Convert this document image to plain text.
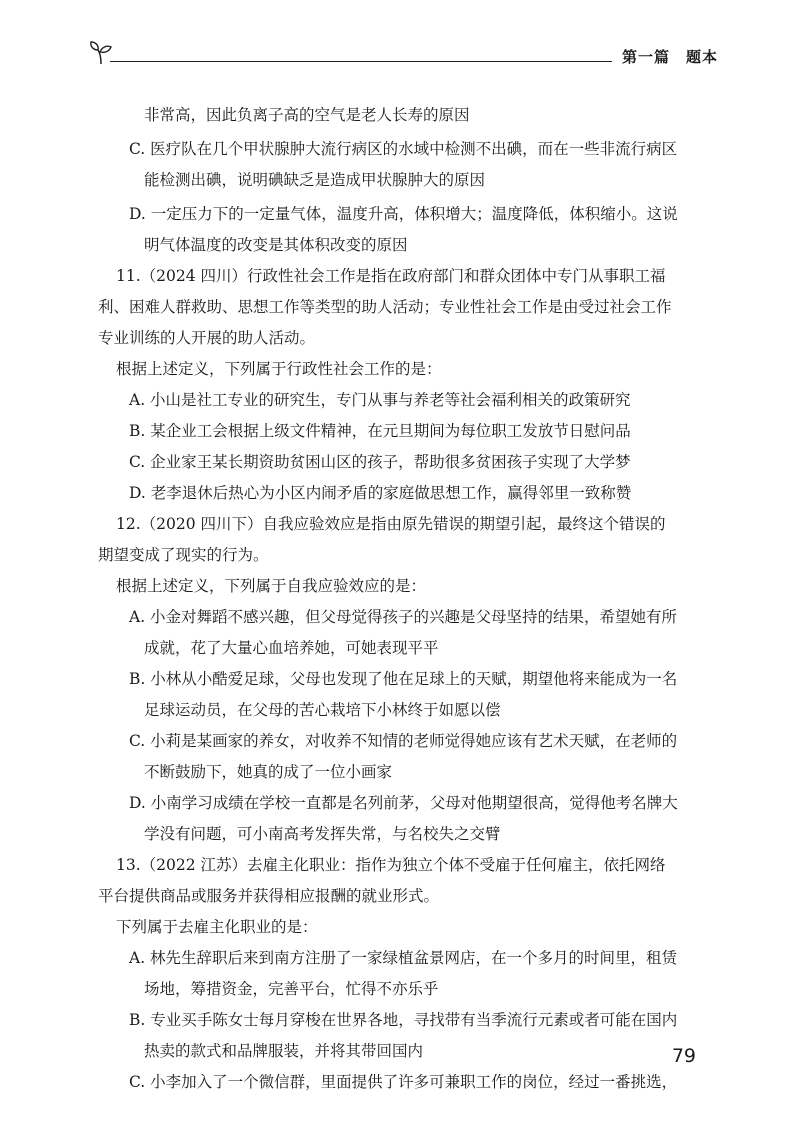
第一篇　题本
非常高，因此负离子高的空气是老人长寿的原因
C. 医疗队在几个甲状腺肿大流行病区的水域中检测不出碘，而在一些非流行病区
能检测出碘，说明碘缺乏是造成甲状腺肿大的原因
D. 一定压力下的一定量气体，温度升高，体积增大；温度降低，体积缩小。这说
明气体温度的改变是其体积改变的原因
11.（2024 四川）行政性社会工作是指在政府部门和群众团体中专门从事职工福
利、困难人群救助、思想工作等类型的助人活动；专业性社会工作是由受过社会工作
专业训练的人开展的助人活动。
根据上述定义，下列属于行政性社会工作的是：
A. 小山是社工专业的研究生，专门从事与养老等社会福利相关的政策研究
B. 某企业工会根据上级文件精神，在元旦期间为每位职工发放节日慰问品
C. 企业家王某长期资助贫困山区的孩子，帮助很多贫困孩子实现了大学梦
D. 老李退休后热心为小区内闹矛盾的家庭做思想工作，赢得邻里一致称赞
12.（2020 四川下）自我应验效应是指由原先错误的期望引起，最终这个错误的
期望变成了现实的行为。
根据上述定义，下列属于自我应验效应的是：
A. 小金对舞蹈不感兴趣，但父母觉得孩子的兴趣是父母坚持的结果，希望她有所
成就，花了大量心血培养她，可她表现平平
B. 小林从小酷爱足球，父母也发现了他在足球上的天赋，期望他将来能成为一名
足球运动员，在父母的苦心栽培下小林终于如愿以偿
C. 小莉是某画家的养女，对收养不知情的老师觉得她应该有艺术天赋，在老师的
不断鼓励下，她真的成了一位小画家
D. 小南学习成绩在学校一直都是名列前茅，父母对他期望很高，觉得他考名牌大
学没有问题，可小南高考发挥失常，与名校失之交臂
13.（2022 江苏）去雇主化职业：指作为独立个体不受雇于任何雇主，依托网络
平台提供商品或服务并获得相应报酬的就业形式。
下列属于去雇主化职业的是：
A. 林先生辞职后来到南方注册了一家绿植盆景网店，在一个多月的时间里，租赁
场地，筹措资金，完善平台，忙得不亦乐乎
B. 专业买手陈女士每月穿梭在世界各地，寻找带有当季流行元素或者可能在国内
热卖的款式和品牌服装，并将其带回国内
C. 小李加入了一个微信群，里面提供了许多可兼职工作的岗位，经过一番挑选，
79
